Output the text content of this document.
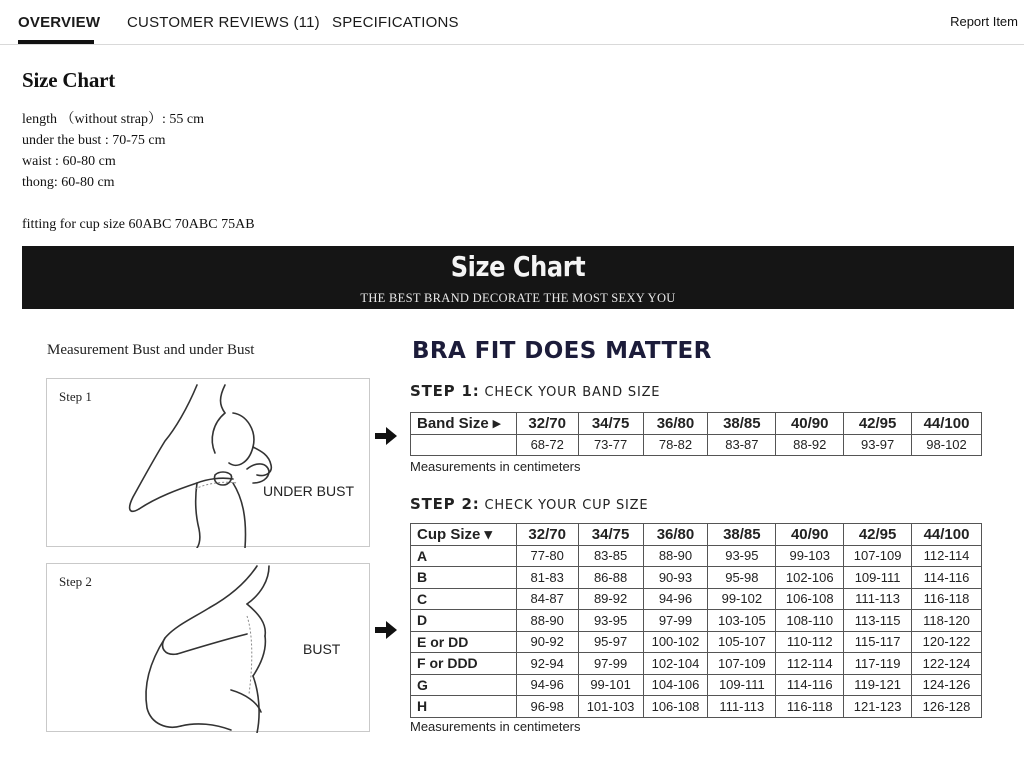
OVERVIEW CUSTOMER REVIEWS (11) SPECIFICATIONS	Report Item
Size Chart

length （without strap）: 55 cm

under the bust : 70-75 cm

waist : 60-80 cm

thong: 60-80 cm

fitting for cup size 60ABC 70ABC 75AB

Size Chart
THE BEST BRAND DECORATE THE MOST SEXY YOU
Measurement Bust and under Bust
Step 1
UNDER BUST
Step 2
BUST
BRA FIT DOES MATTER
STEP 1: CHECK YOUR BAND SIZE
Band Size ▸	32/70	34/75	36/80	38/85	40/90	42/95	44/100
	68-72	73-77	78-82	83-87	88-92	93-97	98-102
Measurements in centimeters
STEP 2: CHECK YOUR CUP SIZE
Cup Size ▾	32/70	34/75	36/80	38/85	40/90	42/95	44/100
A	77-80	83-85	88-90	93-95	99-103	107-109	112-114
B	81-83	86-88	90-93	95-98	102-106	109-111	114-116
C	84-87	89-92	94-96	99-102	106-108	111-113	116-118
D	88-90	93-95	97-99	103-105	108-110	113-115	118-120
E or DD	90-92	95-97	100-102	105-107	110-112	115-117	120-122
F or DDD	92-94	97-99	102-104	107-109	112-114	117-119	122-124
G	94-96	99-101	104-106	109-111	114-116	119-121	124-126
H	96-98	101-103	106-108	111-113	116-118	121-123	126-128
Measurements in centimeters
